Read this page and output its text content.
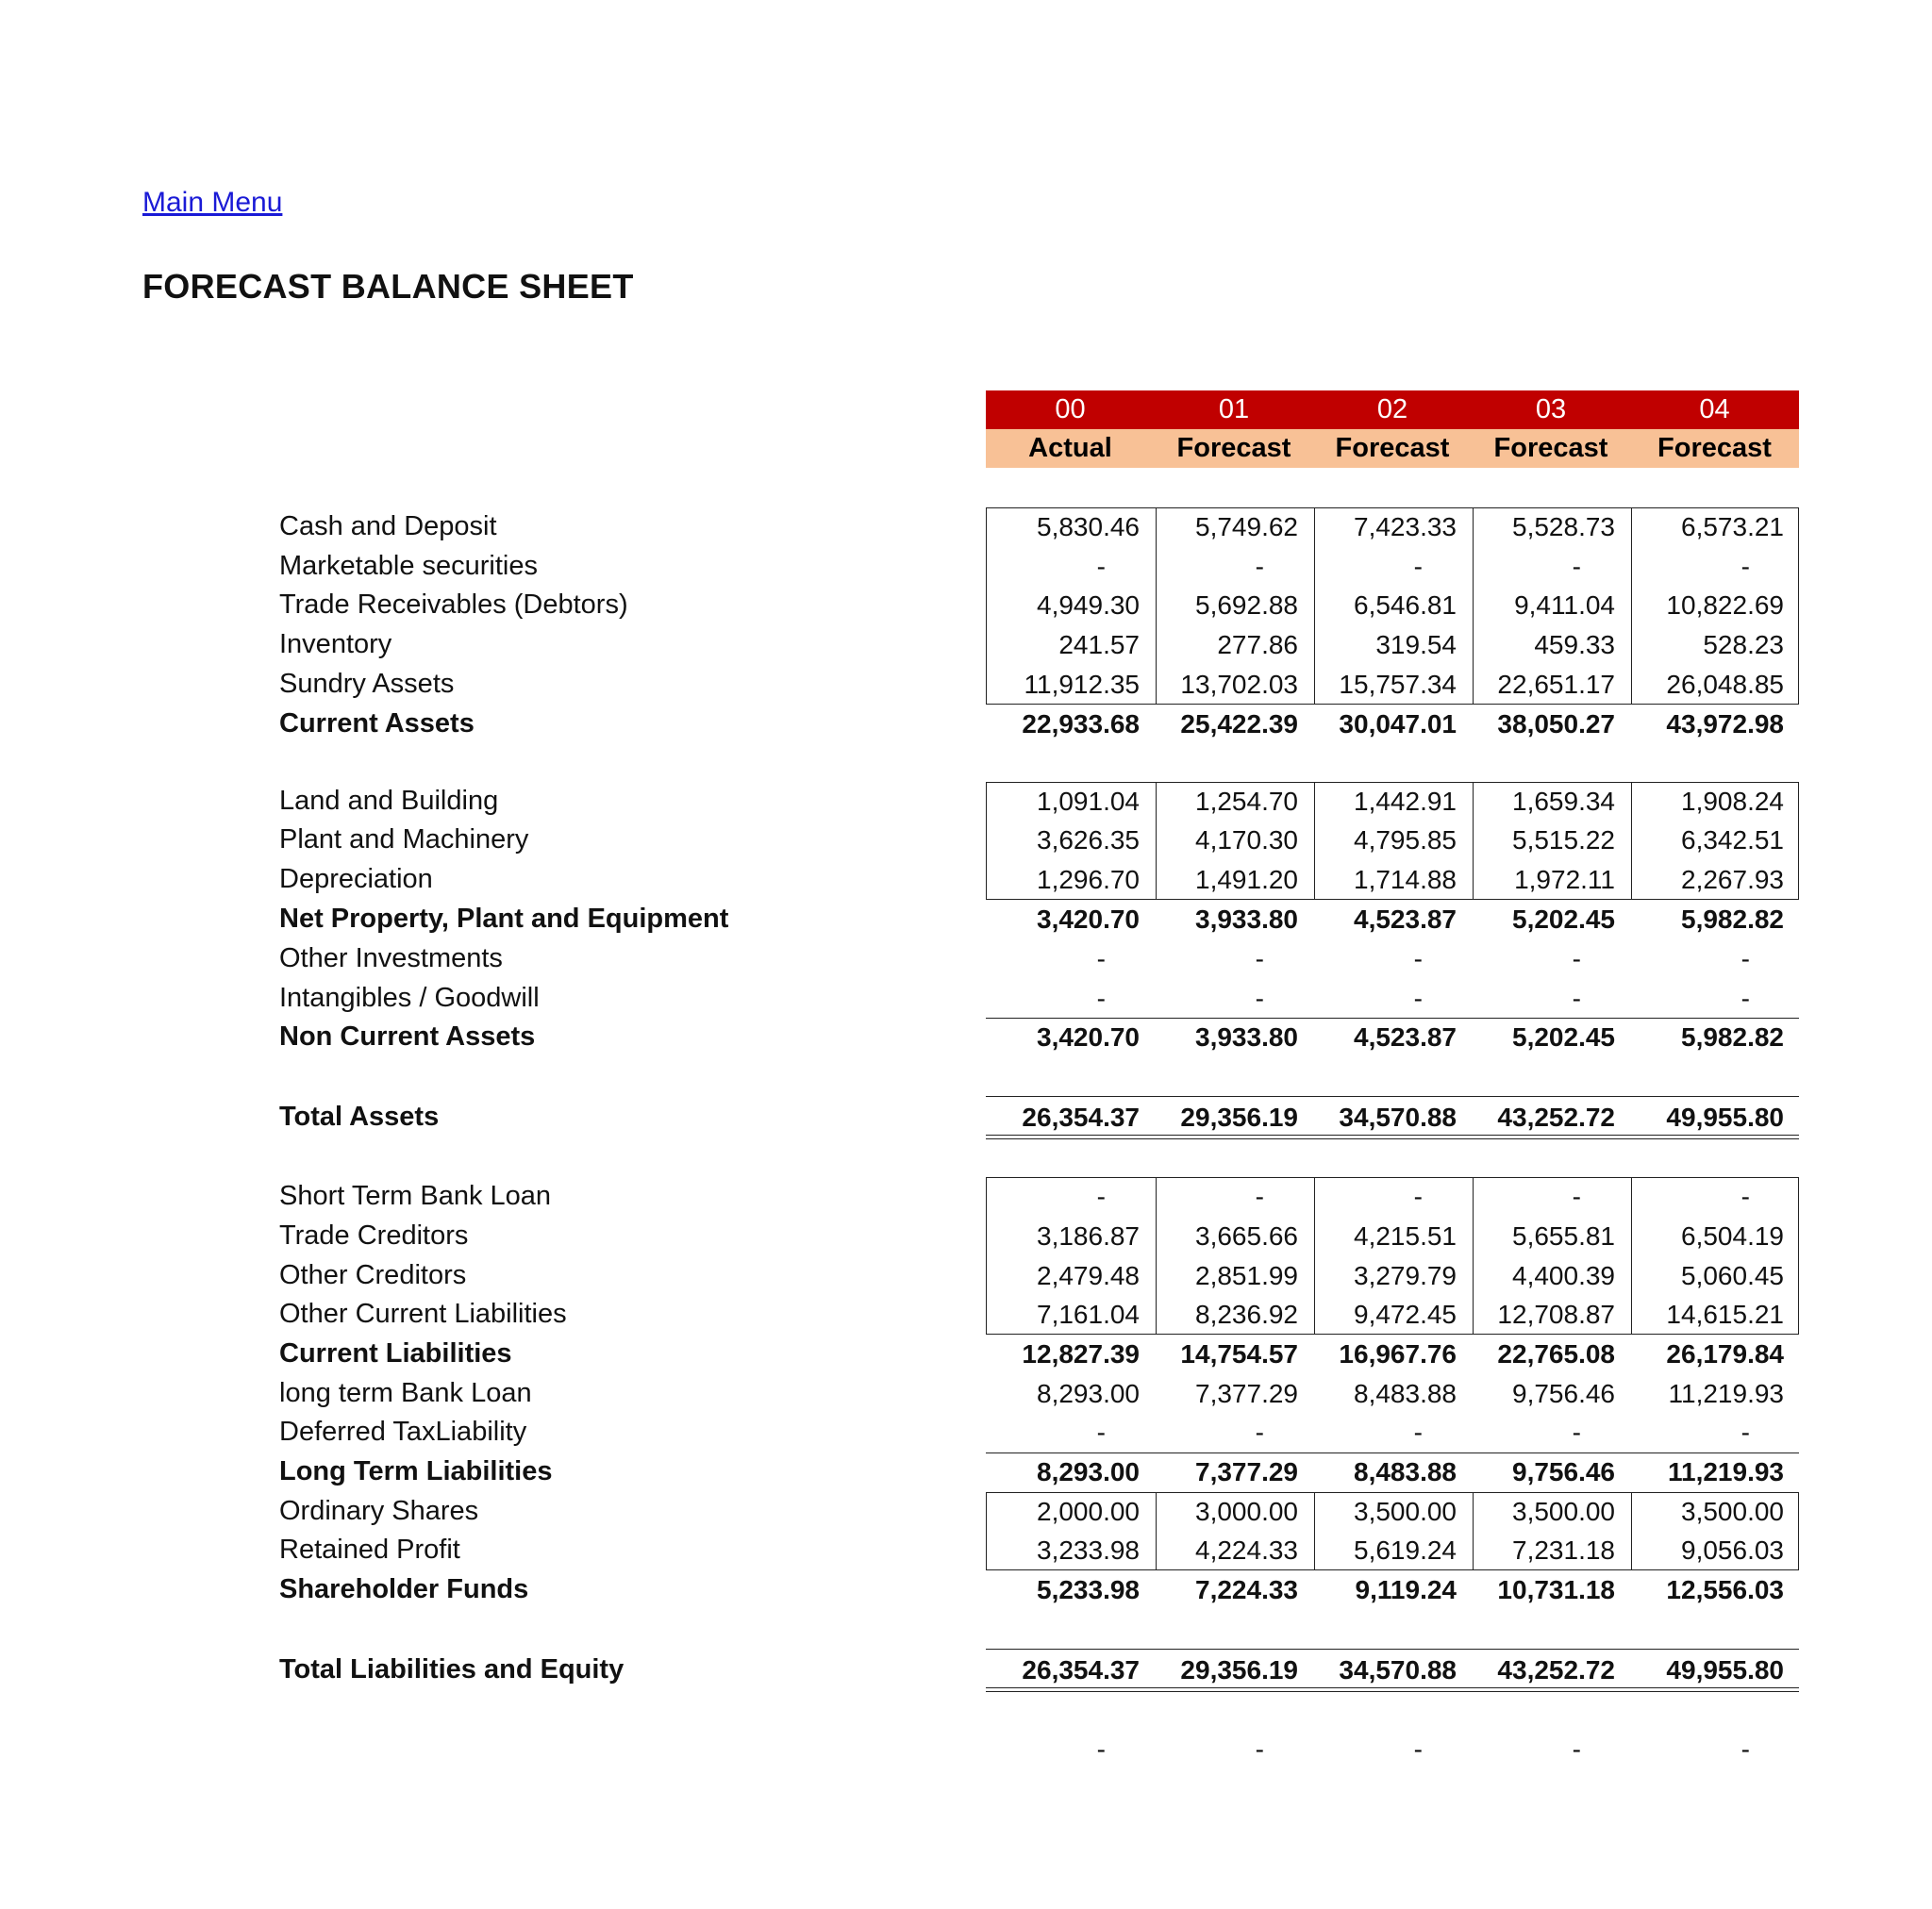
Main Menu
FORECAST BALANCE SHEET
00	01	02	03	04
Actual	Forecast	Forecast	Forecast	Forecast
Cash and Deposit	5,830.46	5,749.62	7,423.33	5,528.73	6,573.21
Marketable securities	-	-	-	-	-
Trade Receivables (Debtors)	4,949.30	5,692.88	6,546.81	9,411.04	10,822.69
Inventory	241.57	277.86	319.54	459.33	528.23
Sundry Assets	11,912.35	13,702.03	15,757.34	22,651.17	26,048.85
Current Assets	22,933.68	25,422.39	30,047.01	38,050.27	43,972.98
Land and Building	1,091.04	1,254.70	1,442.91	1,659.34	1,908.24
Plant and Machinery	3,626.35	4,170.30	4,795.85	5,515.22	6,342.51
Depreciation	1,296.70	1,491.20	1,714.88	1,972.11	2,267.93
Net Property, Plant and Equipment	3,420.70	3,933.80	4,523.87	5,202.45	5,982.82
Other Investments	-	-	-	-	-
Intangibles / Goodwill	-	-	-	-	-
Non Current Assets	3,420.70	3,933.80	4,523.87	5,202.45	5,982.82
Total Assets	26,354.37	29,356.19	34,570.88	43,252.72	49,955.80
Short Term Bank Loan	-	-	-	-	-
Trade Creditors	3,186.87	3,665.66	4,215.51	5,655.81	6,504.19
Other Creditors	2,479.48	2,851.99	3,279.79	4,400.39	5,060.45
Other Current Liabilities	7,161.04	8,236.92	9,472.45	12,708.87	14,615.21
Current Liabilities	12,827.39	14,754.57	16,967.76	22,765.08	26,179.84
long term Bank Loan	8,293.00	7,377.29	8,483.88	9,756.46	11,219.93
Deferred TaxLiability	-	-	-	-	-
Long Term Liabilities	8,293.00	7,377.29	8,483.88	9,756.46	11,219.93
Ordinary Shares	2,000.00	3,000.00	3,500.00	3,500.00	3,500.00
Retained Profit	3,233.98	4,224.33	5,619.24	7,231.18	9,056.03
Shareholder Funds	5,233.98	7,224.33	9,119.24	10,731.18	12,556.03
Total Liabilities and Equity	26,354.37	29,356.19	34,570.88	43,252.72	49,955.80
-	-	-	-	-
